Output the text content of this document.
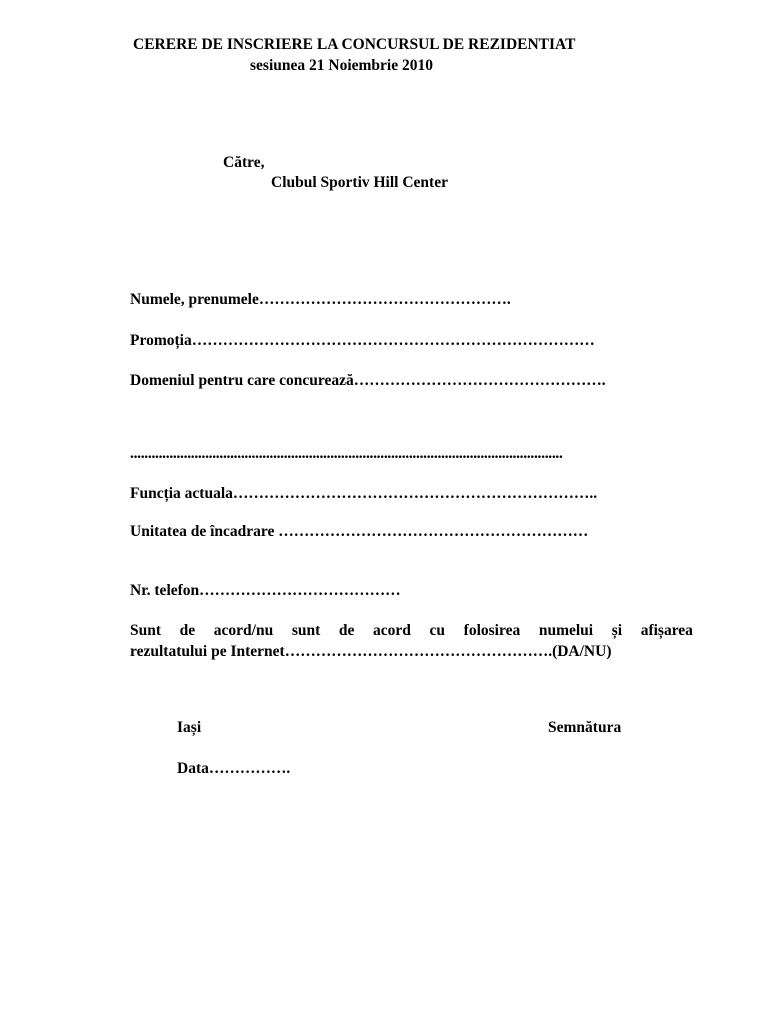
CERERE DE INSCRIERE LA CONCURSUL DE REZIDENTIAT
sesiunea 21 Noiembrie 2010
Către,
Clubul Sportiv Hill Center
Numele, prenumele………………………………………….
Promoția……………………………………………………………………
Domeniul pentru care concurează………………………………………….
.........................................................................................................................
Funcția actuala……………………………………………………………..
Unitatea de încadrare ……………………………………………………
Nr. telefon…………………………………
Sunt de acord/nu sunt de acord cu folosirea numelui și afișarea
rezultatului pe Internet…………………………………………….(DA/NU)
Iași	Semnătura
Data…………….
